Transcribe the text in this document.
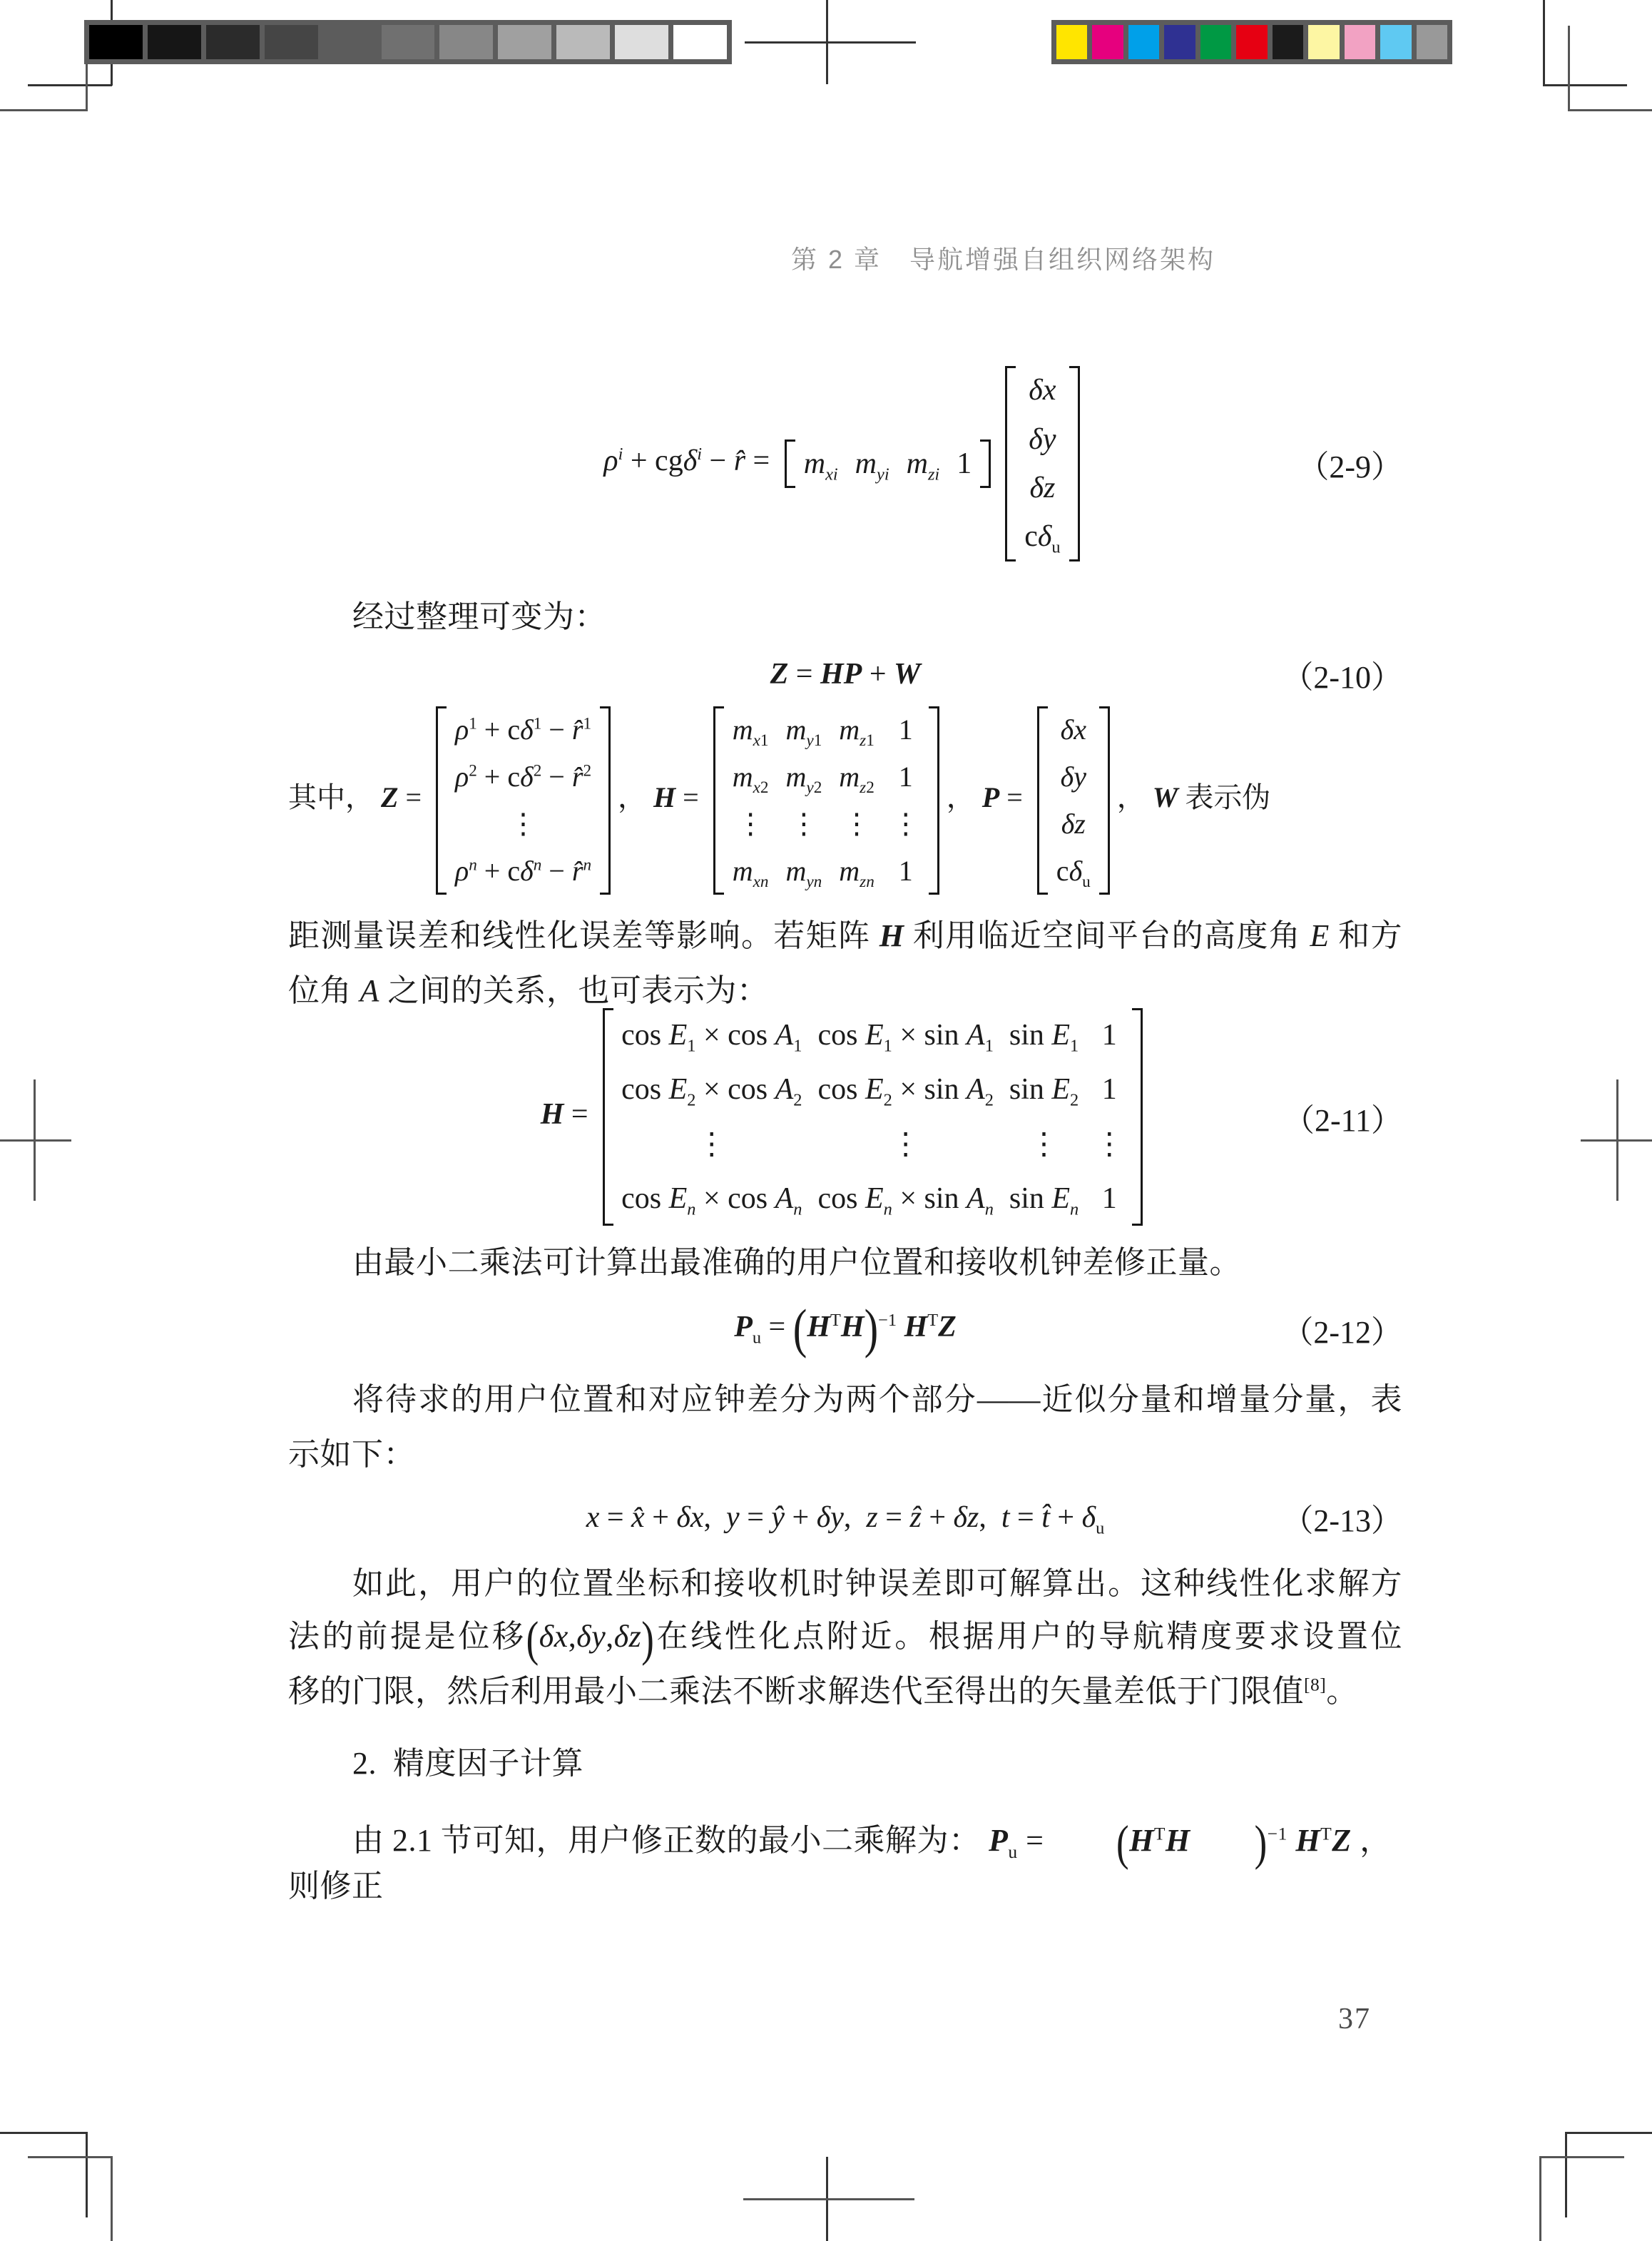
第 2 章　导航增强自组织网络架构
$\rho^i + cg\delta^i$ − r̂ = $m_{xi}$	$m_{yi}$	$m_{zi}$	1
δx
δy
δz
$c\delta_u$
（2-9）
经过整理可变为：
Z = HP + W	（2-10）
其中， Z =
$\rho^1 + c\delta^1$ − r̂$^1$
$\rho^2 + c\delta^2$ − r̂$^2$
⋮
$\rho^n + c\delta^n$ − r̂$^n$
， H =
$m_{x1}$	$m_{y1}$	$m_{z1}$	1
$m_{x2}$	$m_{y2}$	$m_{z2}$	1
⋮	⋮	⋮	⋮
$m_{xn}$	$m_{yn}$	$m_{zn}$	1
， P =
δx
δy
δz
$c\delta_u$
， W 表示伪
距测量误差和线性化误差等影响。若矩阵 H 利用临近空间平台的高度角 E 和方
位角 A 之间的关系，也可表示为：
H =
$\cos E_1 \times \cos A_1$	$\cos E_1 \times \sin A_1$	$\sin E_1$	1
$\cos E_2 \times \cos A_2$	$\cos E_2 \times \sin A_2$	$\sin E_2$	1
⋮	⋮	⋮	⋮
$\cos E_n \times \cos A_n$	$\cos E_n \times \sin A_n$	$\sin E_n$	1
（2-11）
由最小二乘法可计算出最准确的用户位置和接收机钟差修正量。
$P_u = (H^TH)^{-1}$ $H^TZ$	（2-12）
将待求的用户位置和对应钟差分为两个部分——近似分量和增量分量，表
示如下：
x = x̂ + δx,  y = ŷ + δy,  z = ẑ + δz,  t = t̂ + $\delta_u$	（2-13）
如此，用户的位置坐标和接收机时钟误差即可解算出。这种线性化求解方
法的前提是位移(δx,δy,δz)在线性化点附近。根据用户的导航精度要求设置位
移的门限，然后利用最小二乘法不断求解迭代至得出的矢量差低于门限值[8]。
2.  精度因子计算
由 2.1 节可知，用户修正数的最小二乘解为： $P_u = (H^TH$ )$^{-1}$ $H^TZ$ ，则修正
37
